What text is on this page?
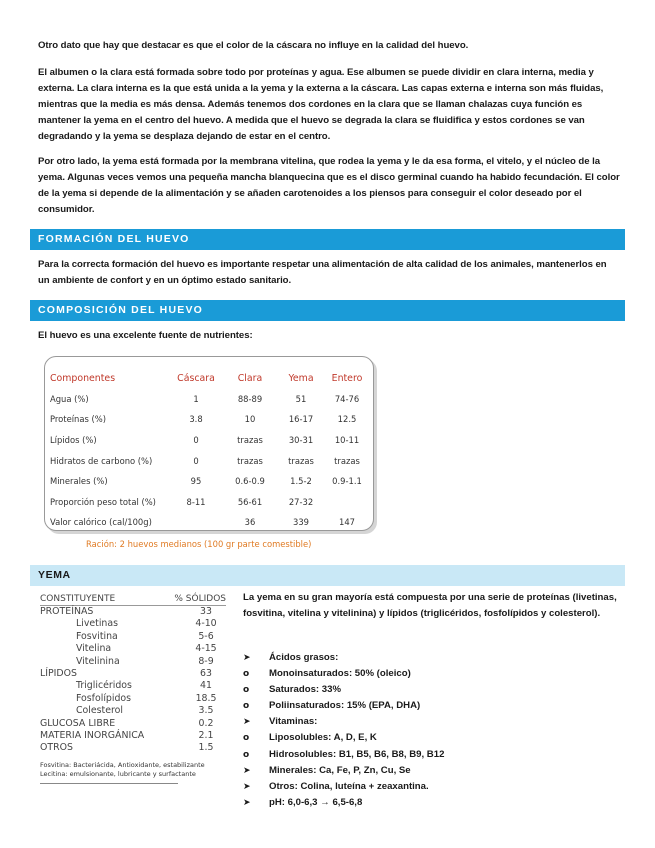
Otro dato que hay que destacar es que el color de la cáscara no influye en la calidad del huevo.

El albumen o la clara está formada sobre todo por proteínas y agua. Ese albumen se puede dividir en clara interna, media y externa. La clara interna es la que está unida a la yema y la externa a la cáscara. Las capas externa e interna son más fluidas, mientras que la media es más densa. Además tenemos dos cordones en la clara que se llaman chalazas cuya función es mantener la yema en el centro del huevo. A medida que el huevo se degrada la clara se fluidifica y estos cordones se van degradando y la yema se desplaza dejando de estar en el centro.

Por otro lado, la yema está formada por la membrana vitelina, que rodea la yema y le da esa forma, el vitelo, y el núcleo de la yema. Algunas veces vemos una pequeña mancha blanquecina que es el disco germinal cuando ha habido fecundación. El color de la yema si depende de la alimentación y se añaden carotenoides a los piensos para conseguir el color deseado por el consumidor.

FORMACIÓN DEL HUEVO

Para la correcta formación del huevo es importante respetar una alimentación de alta calidad de los animales, mantenerlos en un ambiente de confort y en un óptimo estado sanitario.

COMPOSICIÓN DEL HUEVO

El huevo es una excelente fuente de nutrientes:

Componentes	Cáscara	Clara	Yema	Entero
Agua (%)	1	88-89	51	74-76
Proteínas (%)	3.8	10	16-17	12.5
Lípidos (%)	0	trazas	30-31	10-11
Hidratos de carbono (%)	0	trazas	trazas	trazas
Minerales (%)	95	0.6-0.9	1.5-2	0.9-1.1
Proporción peso total (%)	8-11	56-61	27-32	
Valor calórico (cal/100g)		36	339	147
Ración: 2 huevos medianos (100 gr parte comestible)
YEMA
CONSTITUYENTE	% SÓLIDOS
PROTEÍNAS	33
Livetinas	4-10
Fosvitina	5-6
Vitelina	4-15
Vitelinina	8-9
LÍPIDOS	63
Triglicéridos	41
Fosfolípidos	18.5
Colesterol	3.5
GLUCOSA LIBRE	0.2
MATERIA INORGÁNICA	2.1
OTROS	1.5
Fosvitina: Bacteriácida, Antioxidante, estabilizante
Lecitina: emulsionante, lubricante y surfactante

La yema en su gran mayoría está compuesta por una serie de proteínas (livetinas, fosvitina, vitelina y vitelinina) y lípidos (triglicéridos, fosfolípidos y colesterol).

➤	Ácidos grasos:
o	Monoinsaturados: 50% (oleico)
o	Saturados: 33%
o	Poliinsaturados: 15% (EPA, DHA)
➤	Vitaminas:
o	Liposolubles: A, D, E, K
o	Hidrosolubles: B1, B5, B6, B8, B9, B12
➤	Minerales: Ca, Fe, P, Zn, Cu, Se
➤	Otros: Colina, luteína + zeaxantina.
➤	pH: 6,0-6,3 → 6,5-6,8
